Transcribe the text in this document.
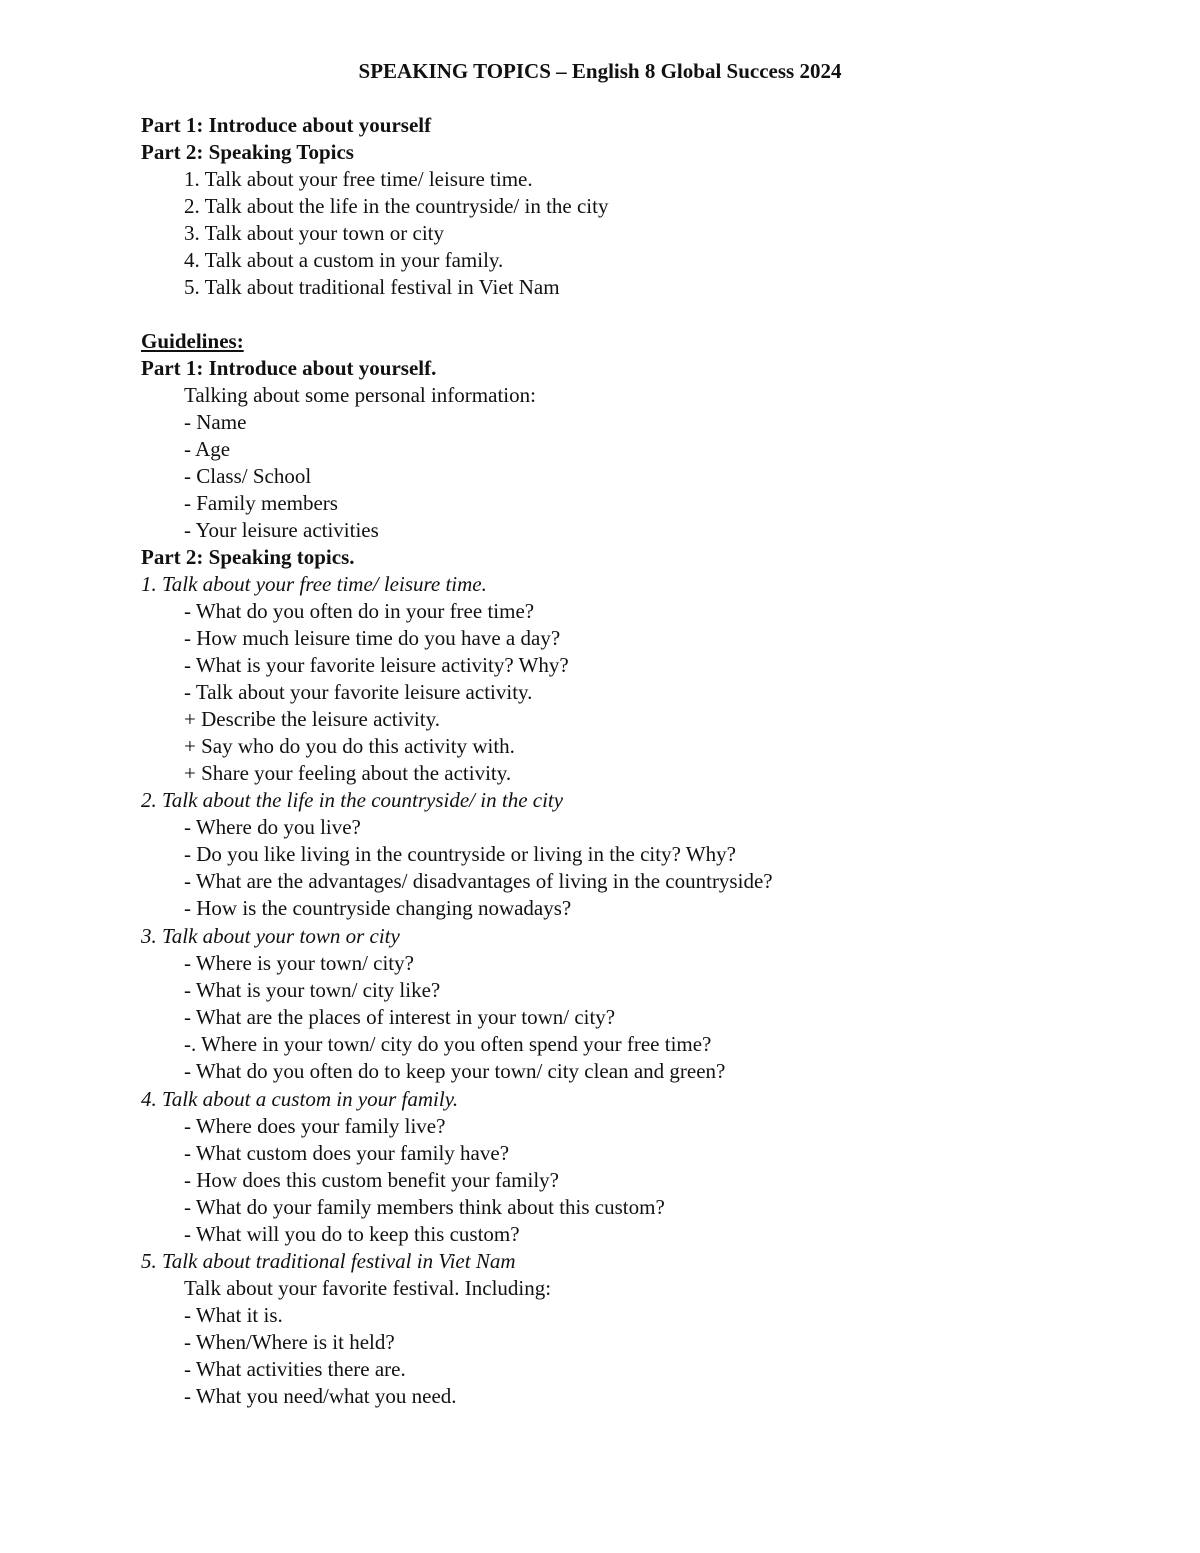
SPEAKING TOPICS – English 8 Global Success 2024
Part 1: Introduce about yourself
Part 2: Speaking Topics
1. Talk about your free time/ leisure time.
2. Talk about the life in the countryside/ in the city
3. Talk about your town or city
4. Talk about a custom in your family.
5. Talk about traditional festival in Viet Nam
Guidelines:
Part 1: Introduce about yourself.
Talking about some personal information:
- Name
- Age
- Class/ School
- Family members
- Your leisure activities
Part 2: Speaking topics.
1. Talk about your free time/ leisure time.
- What do you often do in your free time?
- How much leisure time do you have a day?
- What is your favorite leisure activity? Why?
- Talk about your favorite leisure activity.
+ Describe the leisure activity.
+ Say who do you do this activity with.
+ Share your feeling about the activity.
2. Talk about the life in the countryside/ in the city
- Where do you live?
- Do you like living in the countryside or living in the city? Why?
- What are the advantages/ disadvantages of living in the countryside?
- How is the countryside changing nowadays?
3. Talk about your town or city
- Where is your town/ city?
- What is your town/ city like?
- What are the places of interest in your town/ city?
-. Where in your town/ city do you often spend your free time?
- What do you often do to keep your town/ city clean and green?
4. Talk about a custom in your family.
- Where does your family live?
- What custom does your family have?
- How does this custom benefit your family?
- What do your family members think about this custom?
- What will you do to keep this custom?
5. Talk about traditional festival in Viet Nam
Talk about your favorite festival. Including:
- What it is.
- When/Where is it held?
- What activities there are.
- What you need/what you need.
